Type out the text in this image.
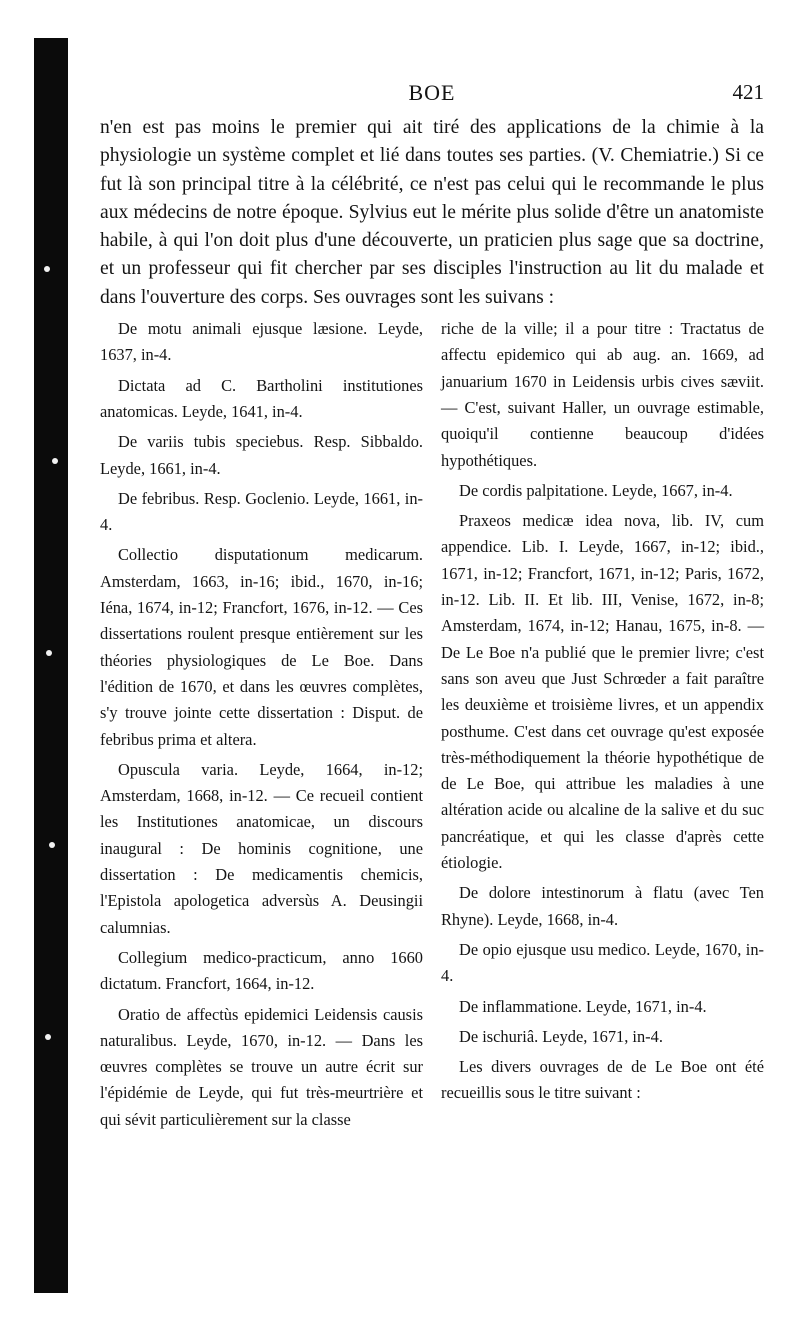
BOE	421

n'en est pas moins le premier qui ait tiré des applications de la chimie à la physiologie un système complet et lié dans toutes ses parties. (V. Chemiatrie.) Si ce fut là son principal titre à la célébrité, ce n'est pas celui qui le recommande le plus aux médecins de notre époque. Sylvius eut le mérite plus solide d'être un anatomiste habile, à qui l'on doit plus d'une découverte, un praticien plus sage que sa doctrine, et un professeur qui fit chercher par ses disciples l'instruction au lit du malade et dans l'ouverture des corps. Ses ouvrages sont les suivans :

De motu animali ejusque læsione. Leyde, 1637, in-4.

Dictata ad C. Bartholini institutiones anatomicas. Leyde, 1641, in-4.

De variis tubis speciebus. Resp. Sibbaldo. Leyde, 1661, in-4.

De febribus. Resp. Goclenio. Leyde, 1661, in-4.

Collectio disputationum medicarum. Amsterdam, 1663, in-16; ibid., 1670, in-16; Iéna, 1674, in-12; Francfort, 1676, in-12. — Ces dissertations roulent presque entièrement sur les théories physiologiques de Le Boe. Dans l'édition de 1670, et dans les œuvres complètes, s'y trouve jointe cette dissertation : Disput. de febribus prima et altera.

Opuscula varia. Leyde, 1664, in-12; Amsterdam, 1668, in-12. — Ce recueil contient les Institutiones anatomicae, un discours inaugural : De hominis cognitione, une dissertation : De medicamentis chemicis, l'Epistola apologetica adversùs A. Deusingii calumnias.

Collegium medico-practicum, anno 1660 dictatum. Francfort, 1664, in-12.

Oratio de affectùs epidemici Leidensis causis naturalibus. Leyde, 1670, in-12. — Dans les œuvres complètes se trouve un autre écrit sur l'épidémie de Leyde, qui fut très-meurtrière et qui sévit particulièrement sur la classe

riche de la ville; il a pour titre : Tractatus de affectu epidemico qui ab aug. an. 1669, ad januarium 1670 in Leidensis urbis cives sæviit. — C'est, suivant Haller, un ouvrage estimable, quoiqu'il contienne beaucoup d'idées hypothétiques.

De cordis palpitatione. Leyde, 1667, in-4.

Praxeos medicæ idea nova, lib. IV, cum appendice. Lib. I. Leyde, 1667, in-12; ibid., 1671, in-12; Francfort, 1671, in-12; Paris, 1672, in-12. Lib. II. Et lib. III, Venise, 1672, in-8; Amsterdam, 1674, in-12; Hanau, 1675, in-8. — De Le Boe n'a publié que le premier livre; c'est sans son aveu que Just Schrœder a fait paraître les deuxième et troisième livres, et un appendix posthume. C'est dans cet ouvrage qu'est exposée très-méthodiquement la théorie hypothétique de de Le Boe, qui attribue les maladies à une altération acide ou alcaline de la salive et du suc pancréatique, et qui les classe d'après cette étiologie.

De dolore intestinorum à flatu (avec Ten Rhyne). Leyde, 1668, in-4.

De opio ejusque usu medico. Leyde, 1670, in-4.

De inflammatione. Leyde, 1671, in-4.

De ischuriâ. Leyde, 1671, in-4.

Les divers ouvrages de de Le Boe ont été recueillis sous le titre suivant :
